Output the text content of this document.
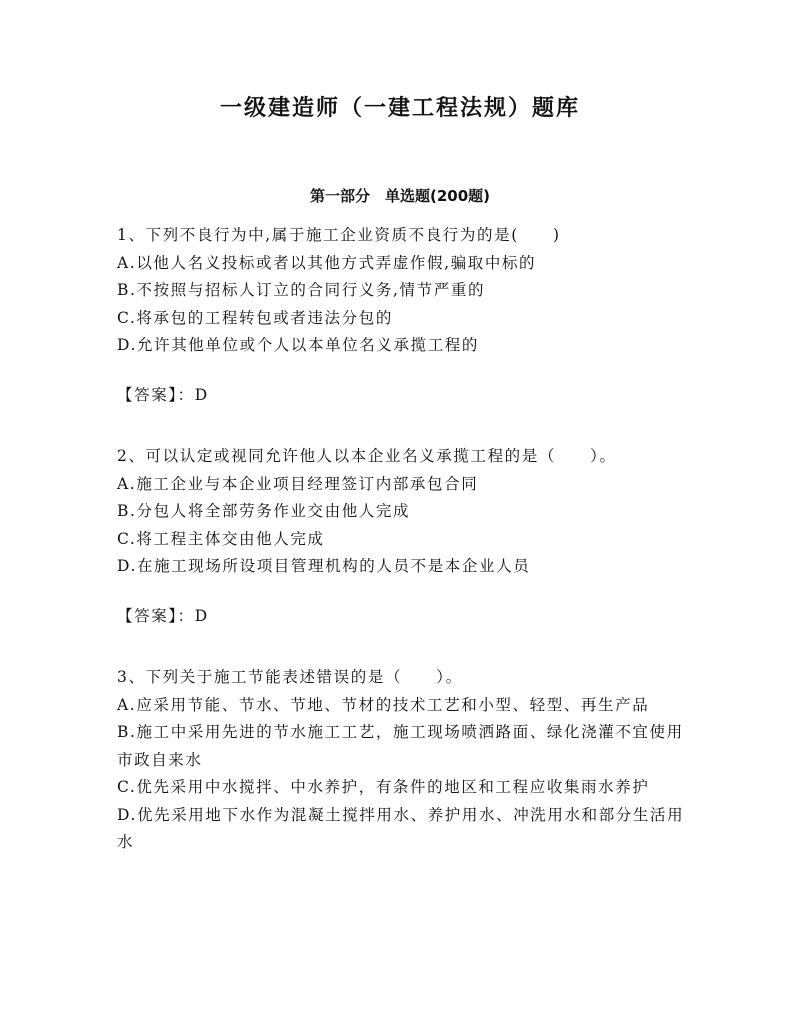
一级建造师（一建工程法规）题库
第一部分　单选题(200题)

1、下列不良行为中,属于施工企业资质不良行为的是(　　)

A.以他人名义投标或者以其他方式弄虚作假,骗取中标的

B.不按照与招标人订立的合同行义务,情节严重的

C.将承包的工程转包或者违法分包的

D.允许其他单位或个人以本单位名义承揽工程的

【答案】：D

2、可以认定或视同允许他人以本企业名义承揽工程的是（　　）。

A.施工企业与本企业项目经理签订内部承包合同

B.分包人将全部劳务作业交由他人完成

C.将工程主体交由他人完成

D.在施工现场所设项目管理机构的人员不是本企业人员

【答案】：D

3、下列关于施工节能表述错误的是（　　）。

A.应采用节能、节水、节地、节材的技术工艺和小型、轻型、再生产品

B.施工中采用先进的节水施工工艺，施工现场喷洒路面、绿化浇灌不宜使用市政自来水

C.优先采用中水搅拌、中水养护，有条件的地区和工程应收集雨水养护

D.优先采用地下水作为混凝土搅拌用水、养护用水、冲洗用水和部分生活用水
